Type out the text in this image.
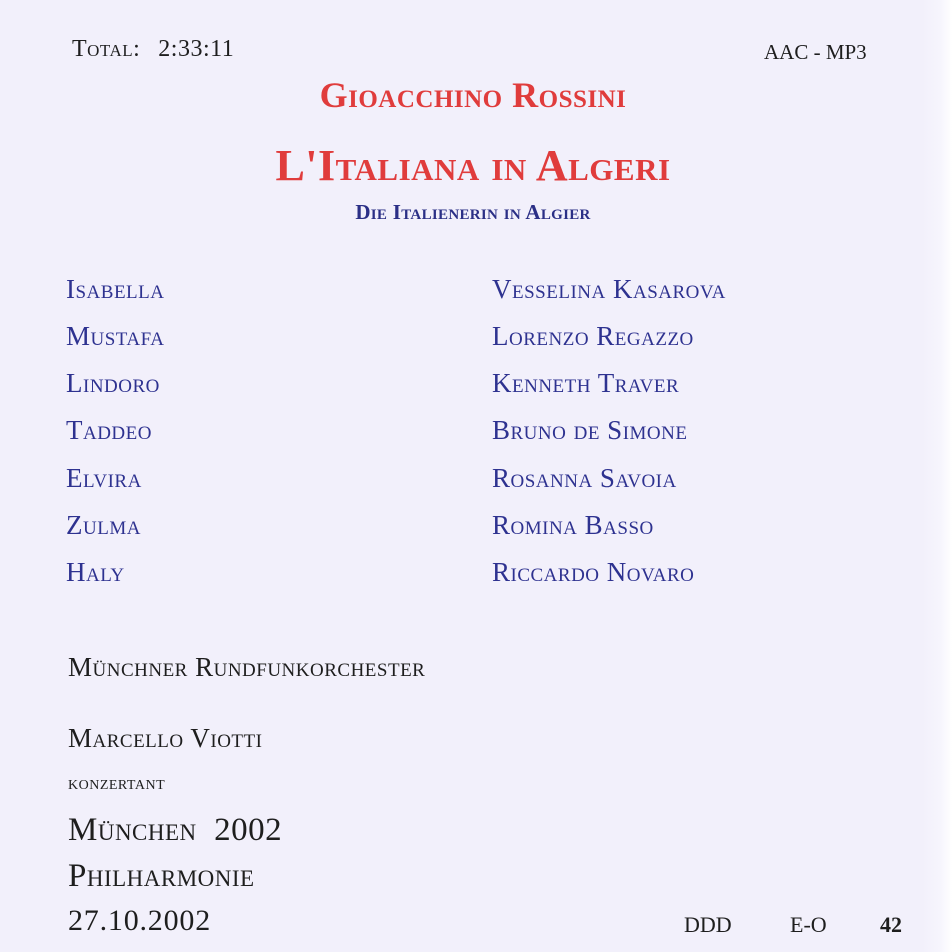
Total: 2:33:11	AAC - MP3
Gioacchino Rossini
L'Italiana in Algeri
Die Italienerin in Algier
Isabella	Vesselina Kasarova
Mustafa	Lorenzo Regazzo
Lindoro	Kenneth Traver
Taddeo	Bruno de Simone
Elvira	Rosanna Savoia
Zulma	Romina Basso
Haly	Riccardo Novaro
Münchner Rundfunkorchester
Marcello Viotti
konzertant
München  2002
Philharmonie
27.10.2002	DDD	E-O 42
